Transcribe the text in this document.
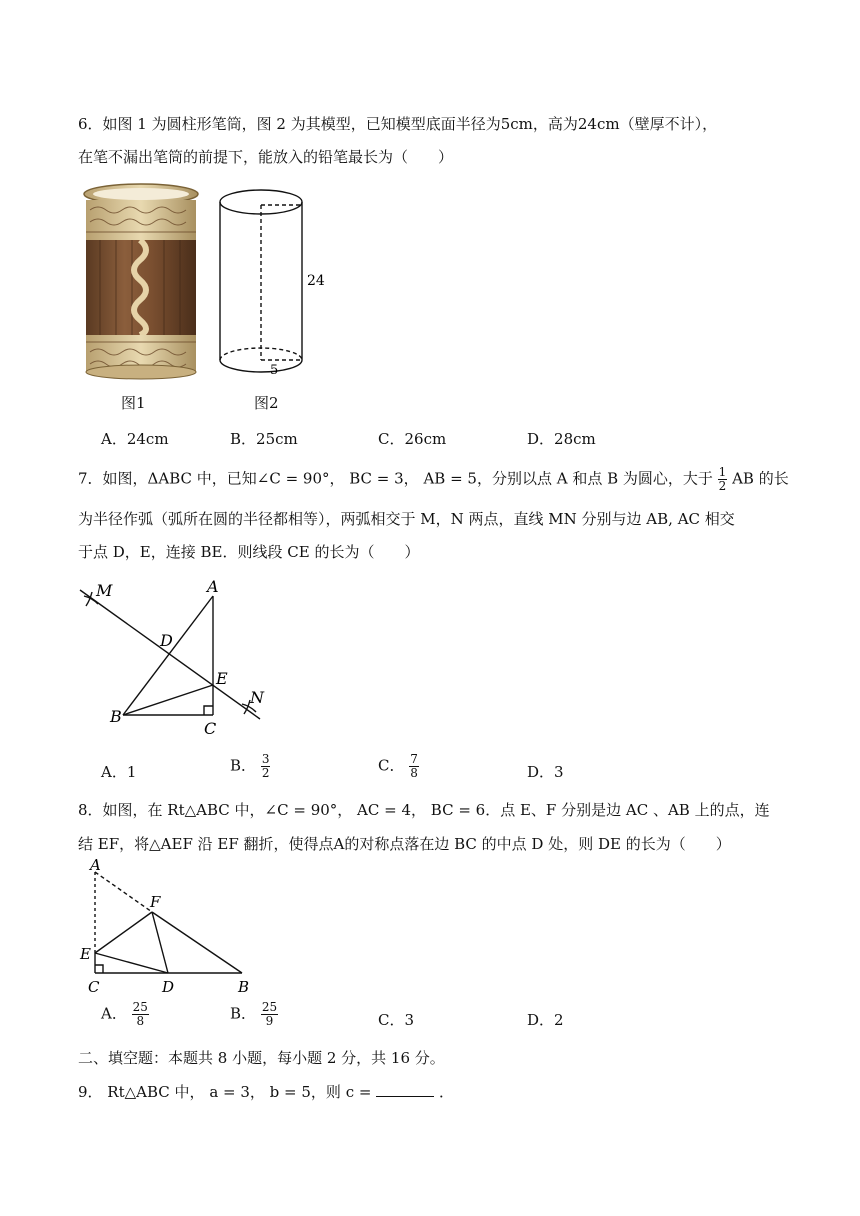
6．如图 1 为圆柱形笔筒，图 2 为其模型，已知模型底面半径为5cm，高为24cm（壁厚不计），
在笔不漏出笔筒的前提下，能放入的铅笔最长为（　　）
图1
24
5
图2
A．24cm	B．25cm	C．26cm	D．28cm
7．如图，ΔABC 中，已知∠C = 90°， BC = 3， AB = 5，分别以点 A 和点 B 为圆心，大于 $\frac{1}{2}$ AB 的长
为半径作弧（弧所在圆的半径都相等），两弧相交于 M，N 两点，直线 MN 分别与边 AB, AC 相交
于点 D，E，连接 BE．则线段 CE 的长为（　　）
M	A
D
E
N
B
C
A．1	B． $\frac{3}{2}$	C． $\frac{7}{8}$	D．3
8．如图，在 Rt△ABC 中，∠C = 90°， AC = 4， BC = 6．点 E、F 分别是边 AC 、AB 上的点，连
结 EF，将△AEF 沿 EF 翻折，使得点A的对称点落在边 BC 的中点 D 处，则 DE 的长为（　　）
A
F
E
C	D	B
A． $\frac{25}{8}$	B． $\frac{25}{9}$	C．3	D．2
二、填空题：本题共 8 小题，每小题 2 分，共 16 分。
9． Rt△ABC 中， a = 3， b = 5，则 c =	．
